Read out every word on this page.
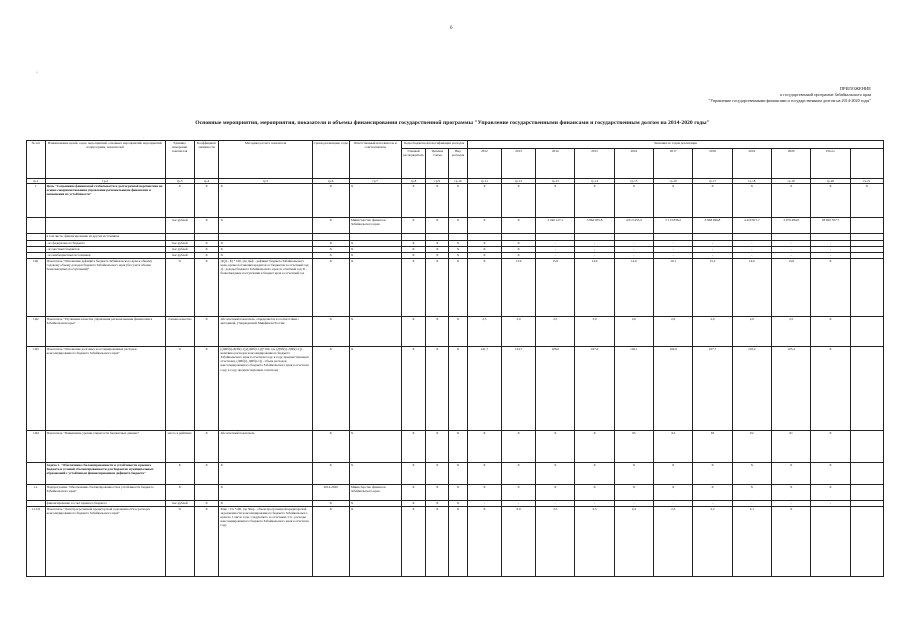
6
·
ПРИЛОЖЕНИЕ
к государственной программе Забайкальского края
"Управление государственными финансами и государственным долгом на 2014-2020 годы"
Основные мероприятия, мероприятия, показатели и объемы финансирования государственной программы "Управление государственными финансами и государственным долгом на 2014-2020 годы"
№ п/п	Наименование целей, задач, мероприятий, основных мероприятий, мероприятий, подпрограмм, показателей	Единица измерения показателя	Коэффициент значимости	Методика расчета показателя	Сроки реализации, годы	Ответственный исполнитель и соисполнители	Коды бюджетной классификации расходов			Значения по годам реализации										
							Главный распорядитель	Целевая статья	Вид расходов	2012	2013	2014	2015	2016	2017	2018	2019	2020	Итого	
гр.1	гр.2	гр.3	гр.4	гр.5	гр.6	гр.7	гр.8	гр.9	гр.10	гр.11	гр.12	гр.13	гр.14	гр.15	гр.16	гр.17	гр.18	гр.19	гр.20	гр.21
1	Цель "Сохранение финансовой стабильности и долгосрочной перспективе на основе совершенствования управления региональными финансами и повышения их устойчивости"	X	X	X	X	X	X	X	X	X	X	X	X	X	X	X	X	X	X	X
		тыс.рублей	X	X	X	Министерство финансов Забайкальского края	X	X	X	X	X	3 246 127,1	3 864 655,8	4 013 453,4	5 113 836,2	3 848 946,8	4 419 817,7	3 976 484,9	28 002 357,7	
	в том числе, финансирование из других источников																			
	- из федерального бюджета	тыс.рублей	X	X	X	X	X	X	X	X	X	-	-	-	-	-	-	-	-	
	- из местных бюджетов	тыс.рублей	X	X	X	X	X	X	X	X	X	-	-	-	-	-	-	-	-	
	- из внебюджетных источников	тыс.рублей	X	X	X	X	X	X	X	X	X	-	-	-	-	-	-	-	-	
1Ц1	Показатель "Отношение дефицита бюджета Забайкальского края к общему годовому объему доходов бюджета Забайкальского края (без учета объема безвозмездных поступлений)"	%	X	Д/(Д - Б) * 100, где Деф - дефицит бюджета Забайкальского края, кроме погашения кредитов от бюджетов за отчетный год; Д - доходы бюджета Забайкальского края за отчетный год; Б - безвозмездные поступления в бюджет края за отчетный год	X	X	X	X	X	X	13,9	15,0	14,9	14,0	10,1	15,2	14,0	13,6	X	
1Ц2	Показатель "Улучшение качества управления региональными финансами в Забайкальском крае"	степень качества	X	Абсолютный показатель, определяется в соответствии с методикой, утвержденной Минфином России	X	X	X	X	X	2,5	2,0	2,5	3,0	2,0	2,0	2,0	2,0	2,5	X	
1Ц3	Показатель "Отношение долговых и ассоциированных расходов консолидированного бюджета Забайкальского края"	%	X	[(ДПб(t)-ДПб(t-1))/(ДПб(t-1))]*100, где (ДПб(t), ДПб(t-1)) - величина расходов консолидированного бюджета Забайкальского края в отчетном году, в году, предшествующем отчетному, (ДПб(t), ДПб(t-1)) - объем расходов консолидированного бюджета Забайкальского края в отчетном году, в году, предшествующем отчетному	X	X	X	X	X	141,7	134,7	106,0	107,0	102,1	104,0	107,7	103,2	105,4	X	
1Ц4	Показатель "Повышение уровня открытости бюджетных данных"	место в рейтинге	X	Абсолютный показатель	X	X	X	X	X	X	X	X	X	65	64	63	62	61	X	
	Задача 1. "Обеспечение сбалансированности и устойчивости краевого бюджета и условий сбалансированности для бюджетов муниципальных образований с устойчивым финансированием дефицита бюджета"	X	X	X	X	X	X	X	X	X	X	X	X	X	X	X	X	X	X	
1.1.	Подпрограмма "Обеспечение сбалансированности и устойчивости бюджета Забайкальского края"	X		X	2014-2020	Министерство финансов Забайкальского края	X	X	X	X	X	X	X	X	X	X	X	X	X	
	финансирование за счет краевого бюджета	тыс.рублей	X	X	X	X	X	X	X	-	-	-	-	-	-	-	-	-	-	
1.1.Ц1	Показатель "Доля просроченной кредиторской задолженности в расходах консолидированного бюджета Забайкальского края"	%	X	Зпкр / Сп *100, где Зпкр - объем просроченной кредиторской задолженности консолидированного бюджета Забайкальского края на 1 число года, следующего за отчетным, Сп - расходы консолидированного бюджета Забайкальского края в отчетном году	X	X	X	X	X	X	6,9	2,5	2,5	2,4	2,3	2,2	2,1	X		
